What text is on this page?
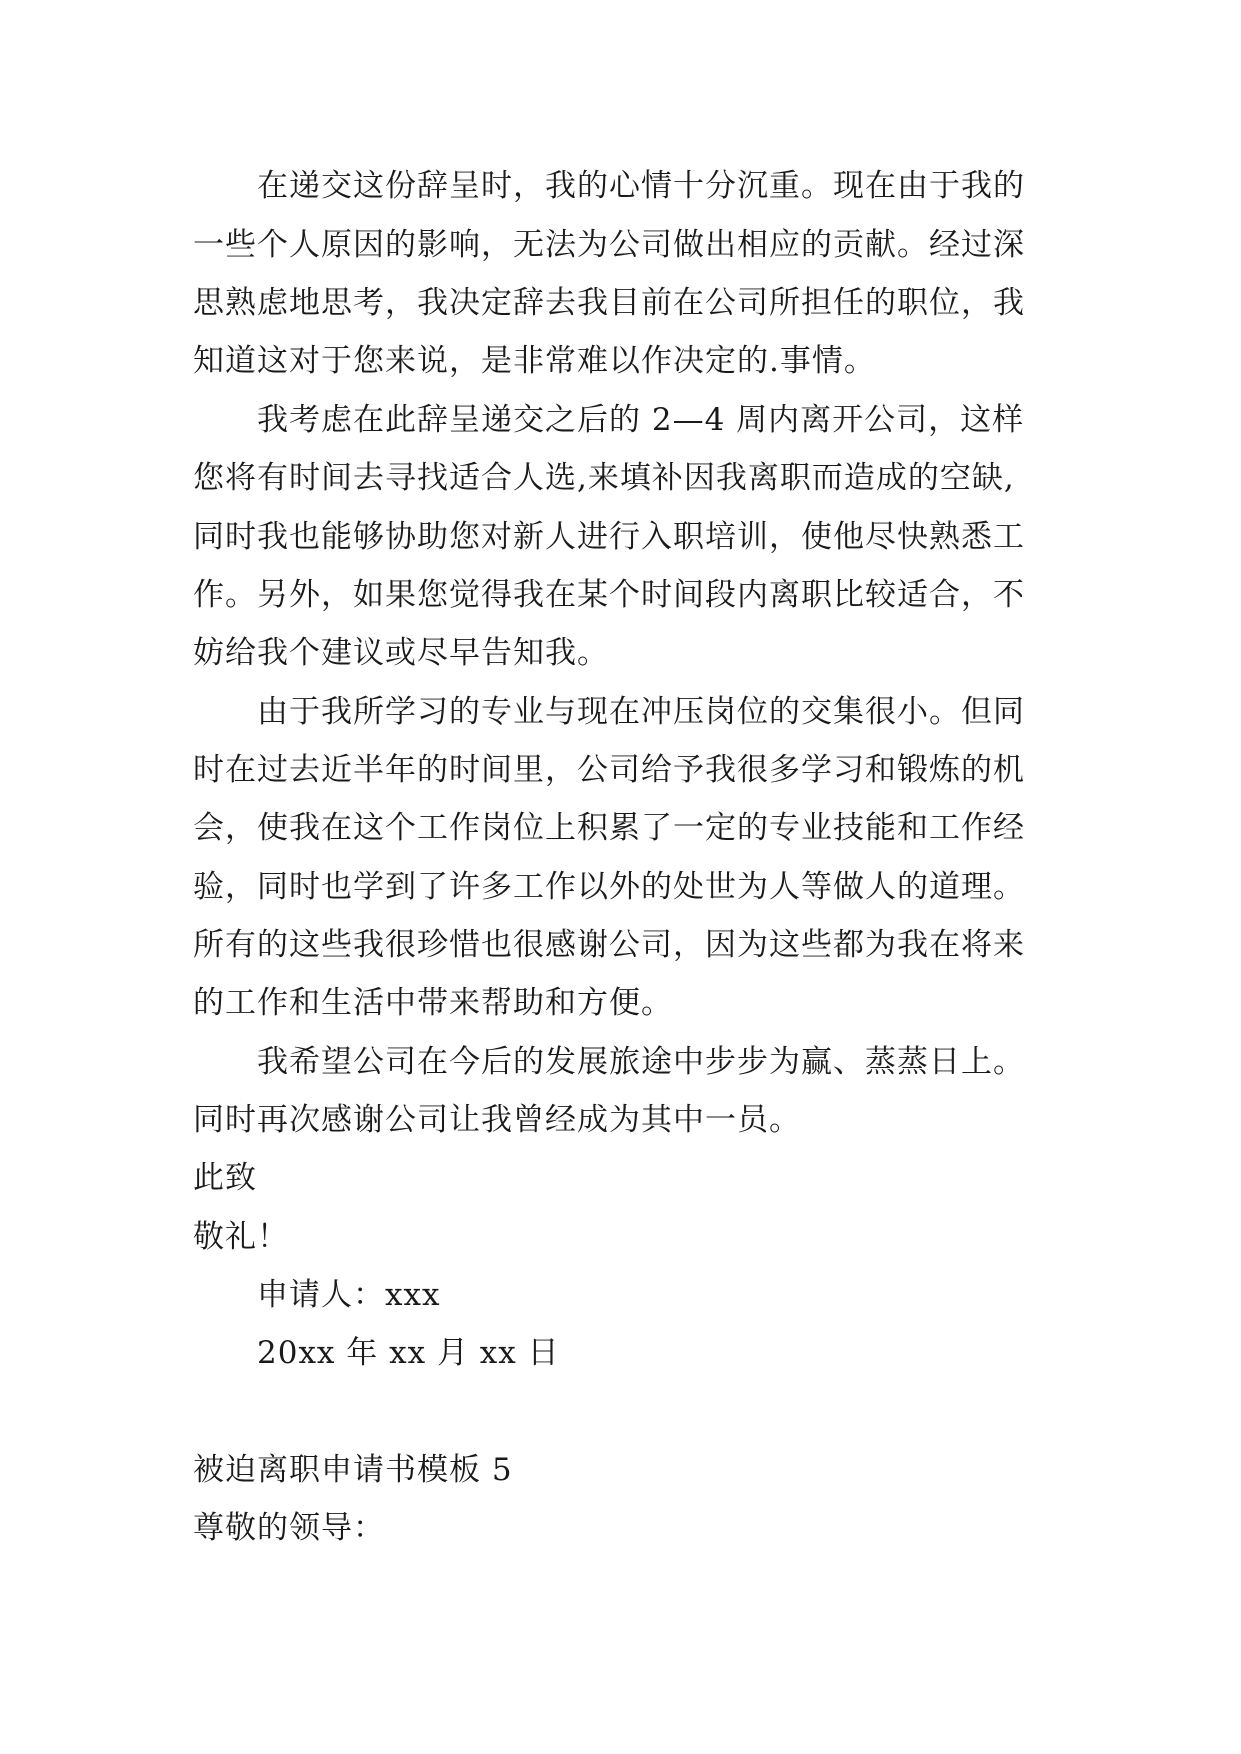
在递交这份辞呈时，我的心情十分沉重。现在由于我的
一些个人原因的影响，无法为公司做出相应的贡献。经过深
思熟虑地思考，我决定辞去我目前在公司所担任的职位，我
知道这对于您来说，是非常难以作决定的.事情。
我考虑在此辞呈递交之后的 2—4 周内离开公司，这样
您将有时间去寻找适合人选,来填补因我离职而造成的空缺,
同时我也能够协助您对新人进行入职培训，使他尽快熟悉工
作。另外，如果您觉得我在某个时间段内离职比较适合，不
妨给我个建议或尽早告知我。
由于我所学习的专业与现在冲压岗位的交集很小。但同
时在过去近半年的时间里，公司给予我很多学习和锻炼的机
会，使我在这个工作岗位上积累了一定的专业技能和工作经
验，同时也学到了许多工作以外的处世为人等做人的道理。
所有的这些我很珍惜也很感谢公司，因为这些都为我在将来
的工作和生活中带来帮助和方便。
我希望公司在今后的发展旅途中步步为赢、蒸蒸日上。
同时再次感谢公司让我曾经成为其中一员。
此致
敬礼！
申请人：xxx
20xx 年 xx 月 xx 日
被迫离职申请书模板 5
尊敬的领导：
